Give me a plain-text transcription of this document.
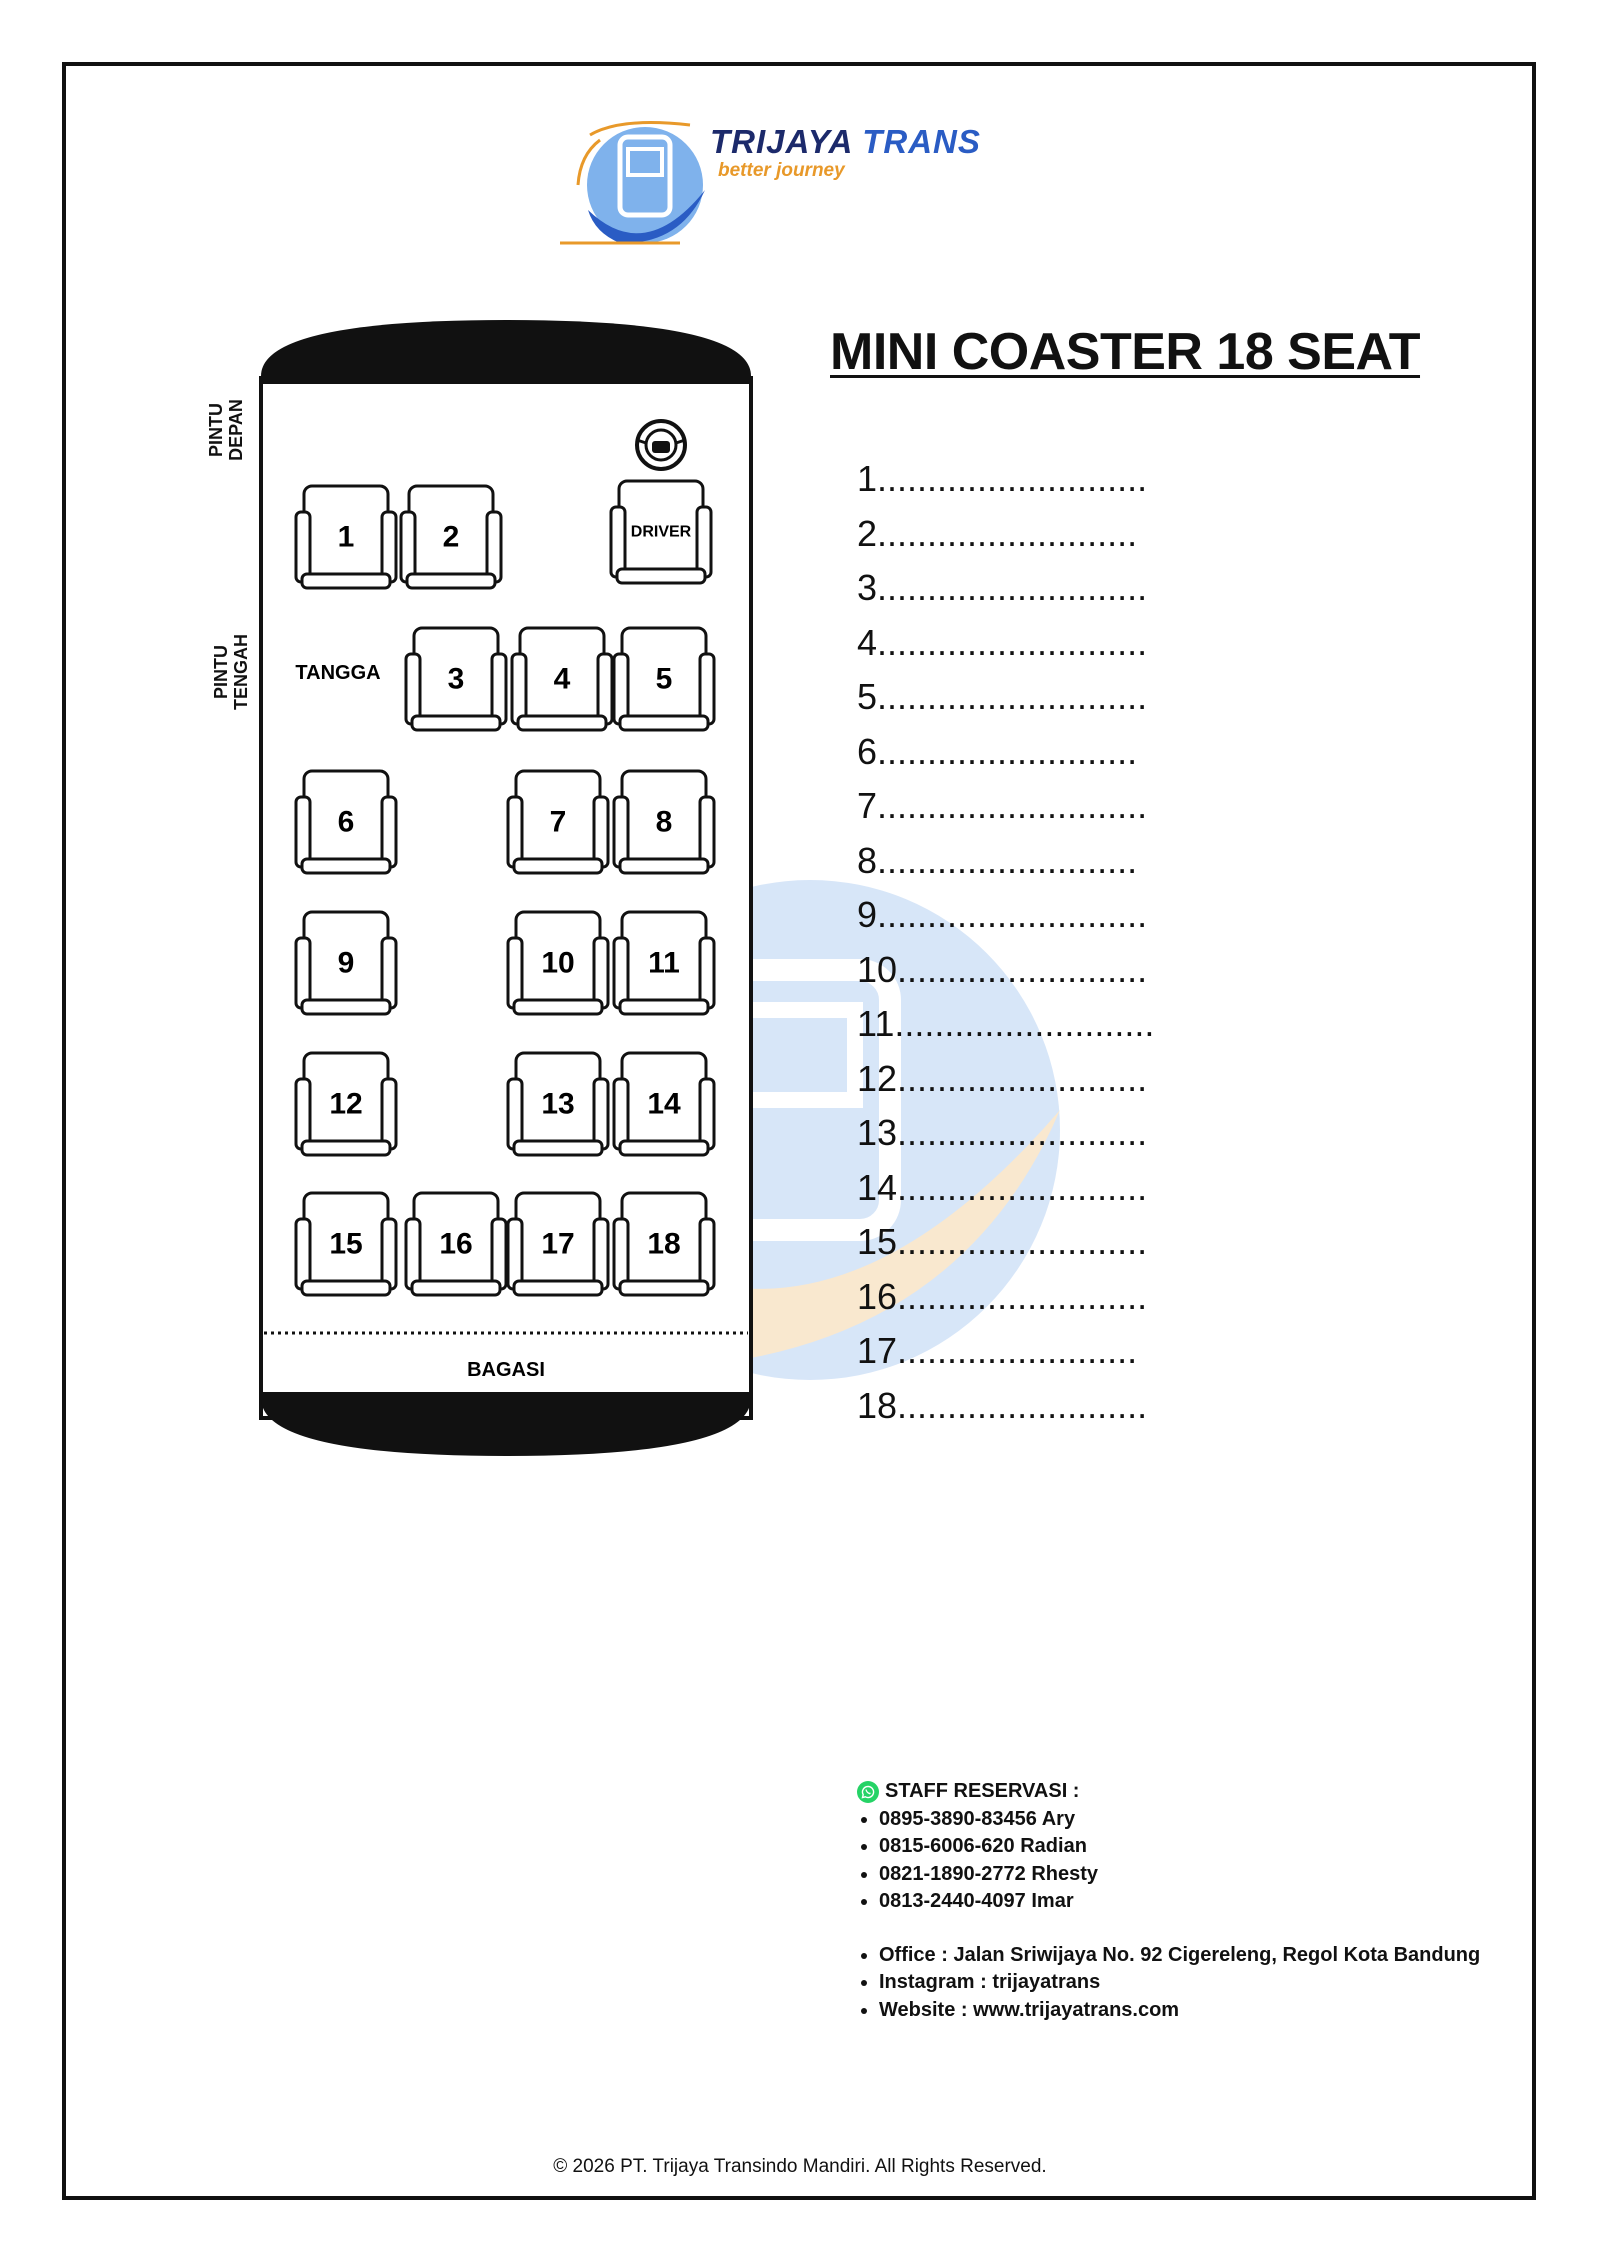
TRIJAYA TRANS
better journey
MINI COASTER 18 SEAT
PINTU
DEPAN
PINTU
TENGAH TANGGA
BAGASI
DRIVER
1	2
3	4	5
6	7	8
9	10 11
12	13 14
15	16 17 18
1...........................
2..........................
3...........................
4...........................
5...........................
6..........................
7...........................
8..........................
9...........................
10.........................
11..........................
12.........................
13.........................
14.........................
15.........................
16.........................
17........................
18.........................
STAFF RESERVASI :
• 0895-3890-83456 Ary
• 0815-6006-620 Radian
• 0821-1890-2772 Rhesty
• 0813-2440-4097 Imar
• Office : Jalan Sriwijaya No. 92 Cigereleng, Regol Kota Bandung
• Instagram : trijayatrans
• Website : www.trijayatrans.com
© 2026 PT. Trijaya Transindo Mandiri. All Rights Reserved.
